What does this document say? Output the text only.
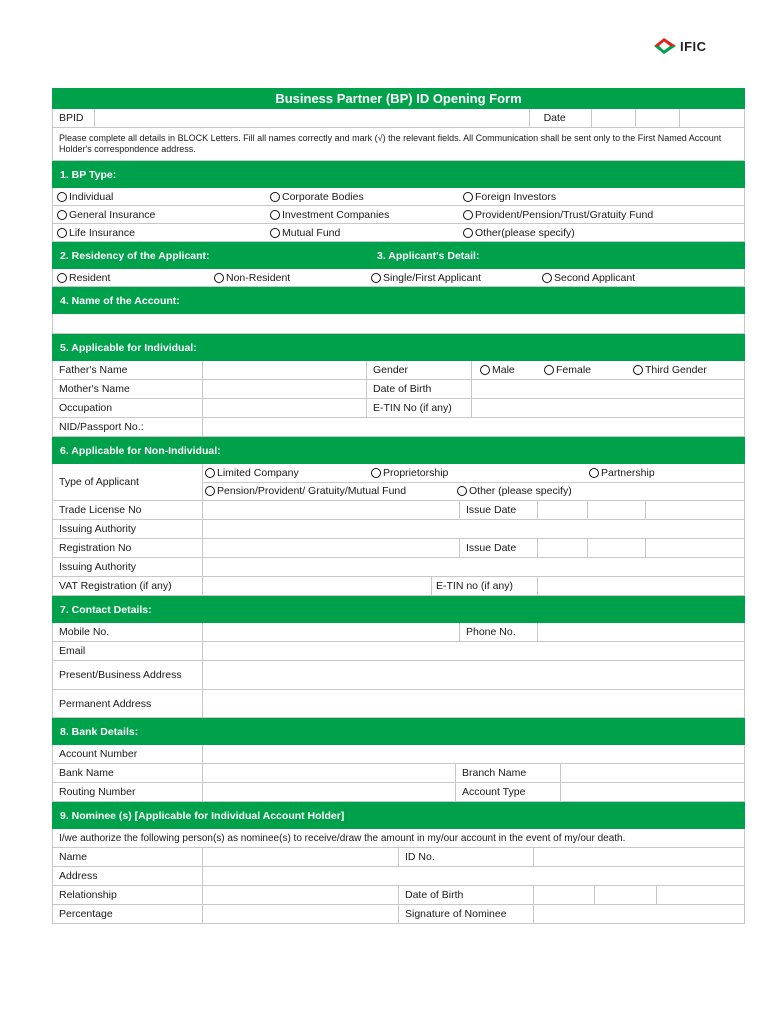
IFIC
Business Partner (BP) ID Opening Form
BPID	Date
Please complete all details in BLOCK Letters. Fill all names correctly and mark (√) the relevant fields. All Communication shall be sent only to the First Named Account Holder's correspondence address.
1. BP Type:
Individual	Corporate Bodies	Foreign Investors
General Insurance	Investment Companies	Provident/Pension/Trust/Gratuity Fund
Life Insurance	Mutual Fund	Other(please specify)
2. Residency of the Applicant:	3. Applicant's Detail:
Resident	Non-Resident	Single/First Applicant	Second Applicant
4. Name of the Account:
5. Applicable for Individual:
Father's Name	Gender	Male	Female	Third Gender
Mother's Name	Date of Birth
Occupation	E-TIN No (if any)
NID/Passport No.:
6. Applicable for Non-Individual:
Type of Applicant
Limited Company	Proprietorship	Partnership
Pension/Provident/ Gratuity/Mutual Fund	Other (please specify)
Trade License No	Issue Date
Issuing Authority
Registration No	Issue Date
Issuing Authority
VAT Registration (if any)	E-TIN no (if any)
7. Contact Details:
Mobile No.	Phone No.
Email
Present/Business Address
Permanent Address
8. Bank Details:
Account Number
Bank Name	Branch Name
Routing Number	Account Type
9. Nominee (s) [Applicable for Individual Account Holder]
I/we authorize the following person(s) as nominee(s) to receive/draw the amount in my/our account in the event of my/our death.
Name	ID No.
Address
Relationship	Date of Birth
Percentage	Signature of Nominee
